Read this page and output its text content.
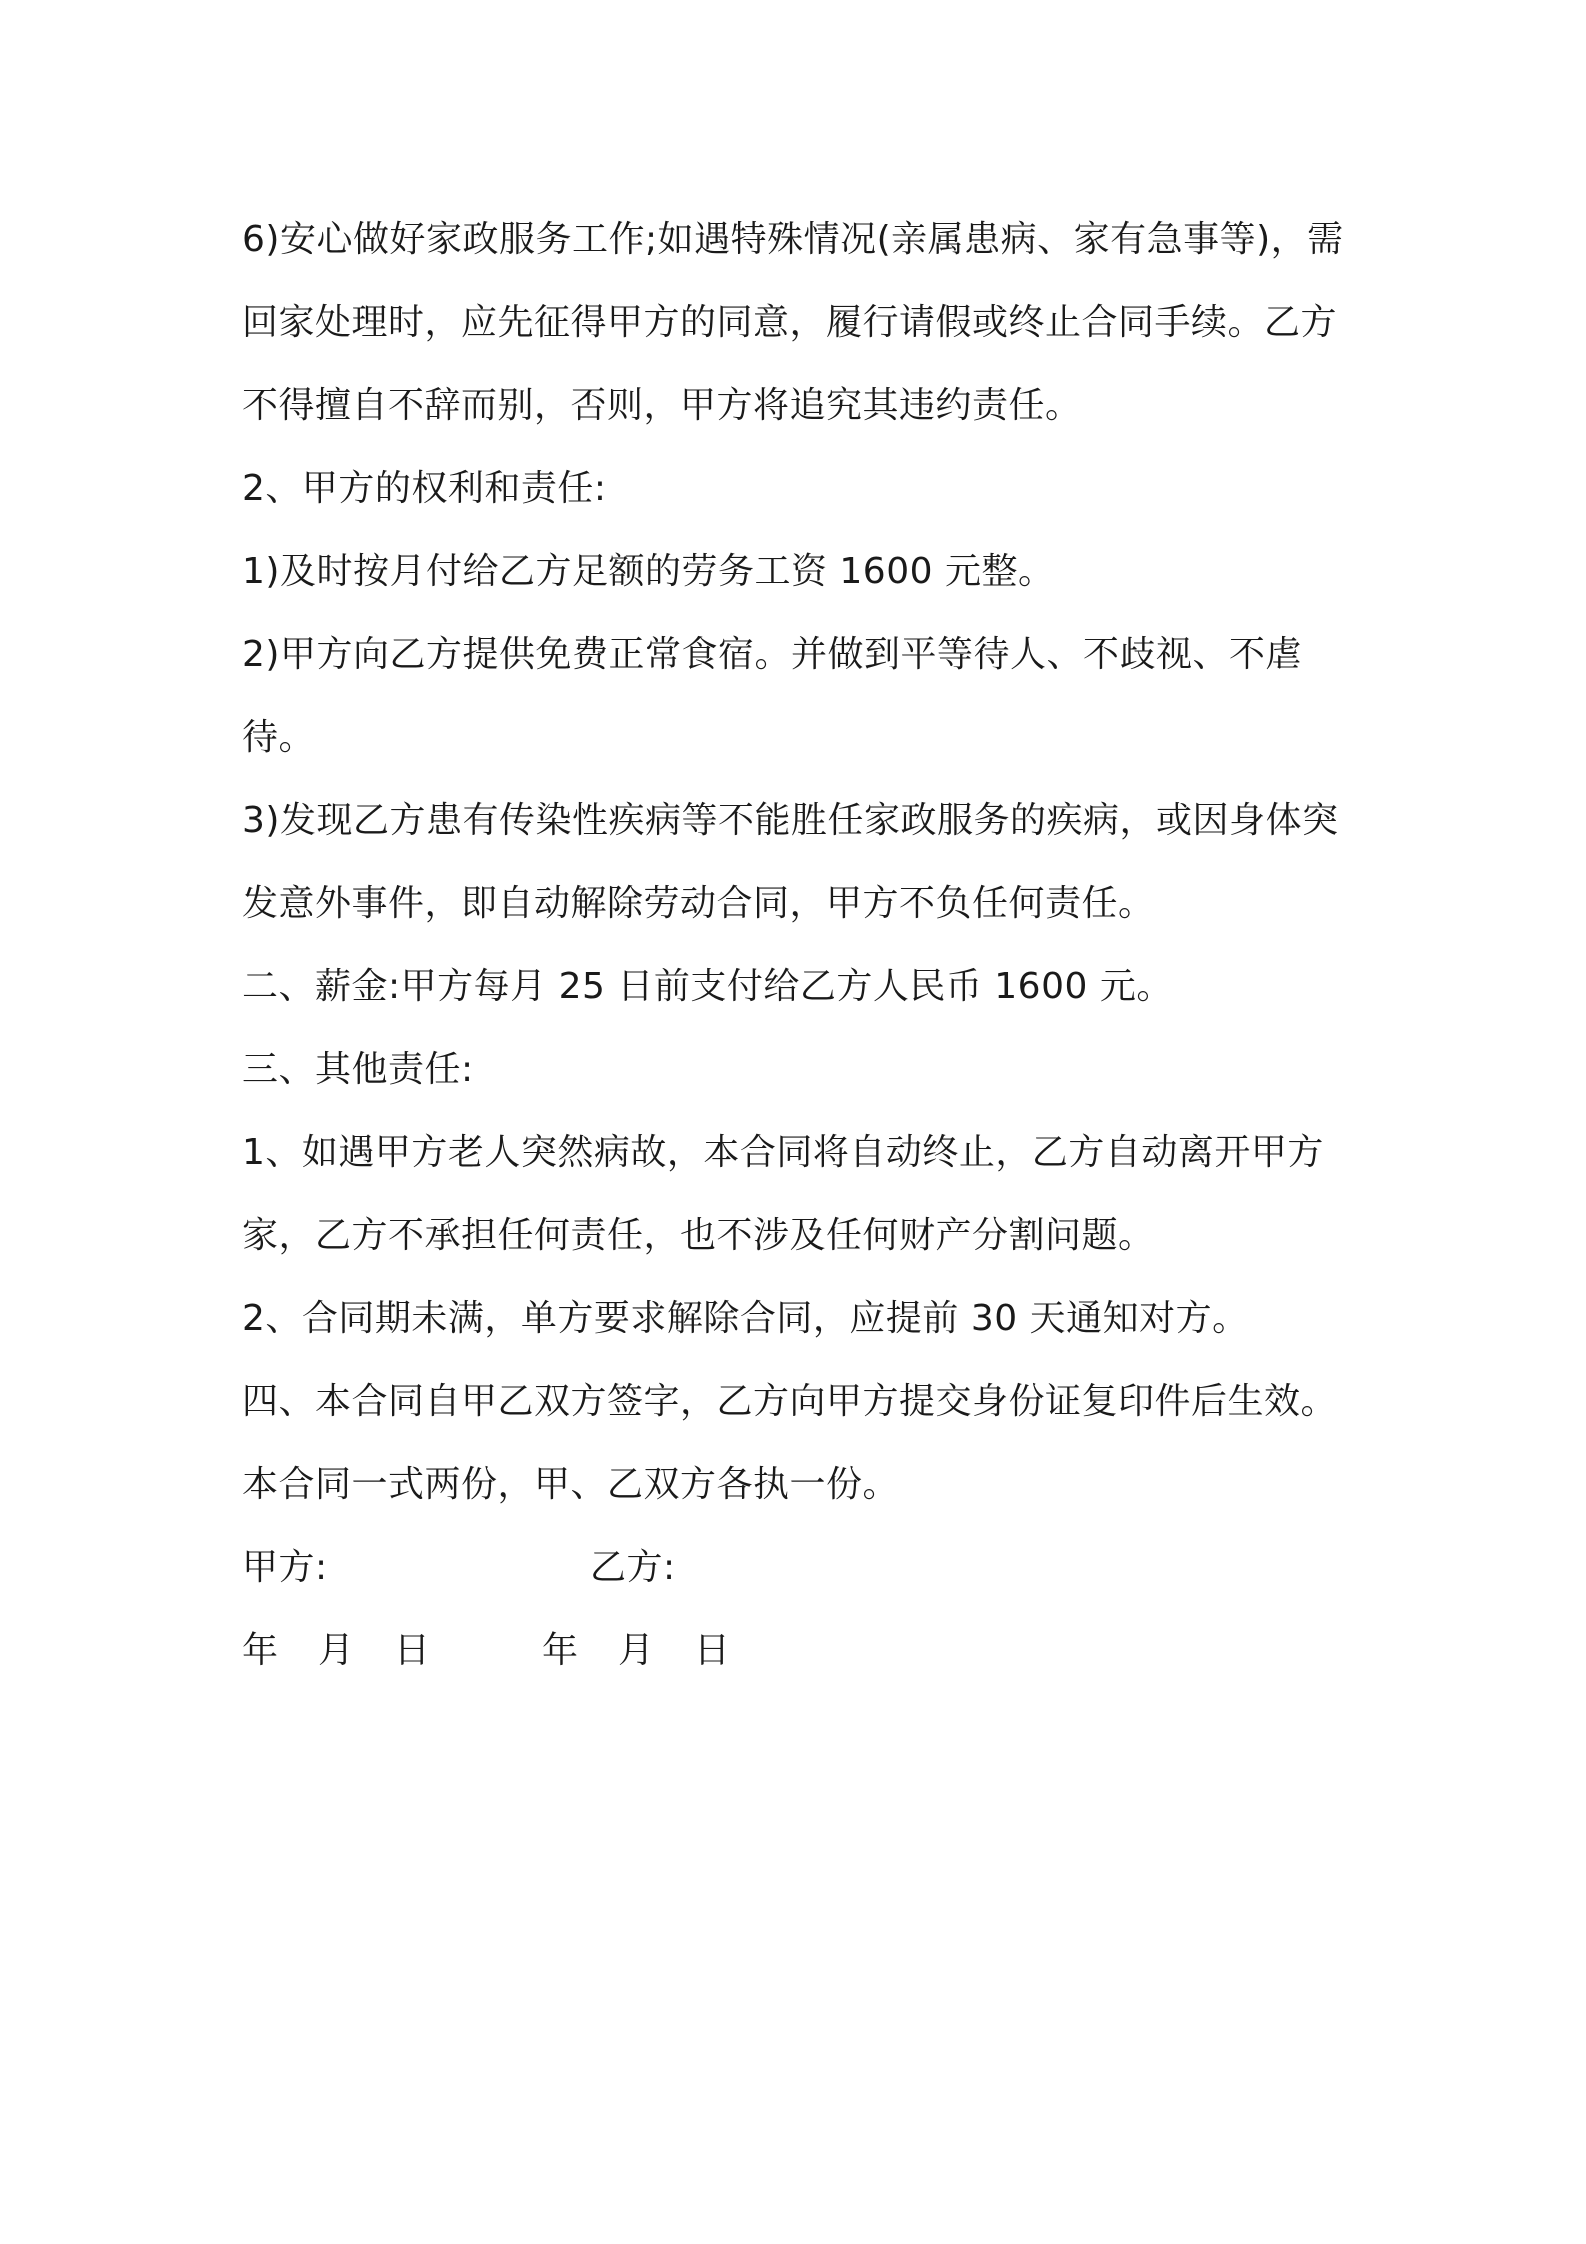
6)安心做好家政服务工作;如遇特殊情况(亲属患病、家有急事等)，需回家处理时，应先征得甲方的同意，履行请假或终止合同手续。乙方不得擅自不辞而别，否则，甲方将追究其违约责任。

2、甲方的权利和责任:

1)及时按月付给乙方足额的劳务工资 1600 元整。

2)甲方向乙方提供免费正常食宿。并做到平等待人、不歧视、不虐待。

3)发现乙方患有传染性疾病等不能胜任家政服务的疾病，或因身体突发意外事件，即自动解除劳动合同，甲方不负任何责任。

二、薪金:甲方每月 25 日前支付给乙方人民币 1600 元。

三、其他责任:

1、如遇甲方老人突然病故，本合同将自动终止，乙方自动离开甲方家，乙方不承担任何责任，也不涉及任何财产分割问题。

2、合同期未满，单方要求解除合同，应提前 30 天通知对方。

四、本合同自甲乙双方签字，乙方向甲方提交身份证复印件后生效。

本合同一式两份，甲、乙双方各执一份。

甲方:	乙方:
年 月 日	年 月 日
